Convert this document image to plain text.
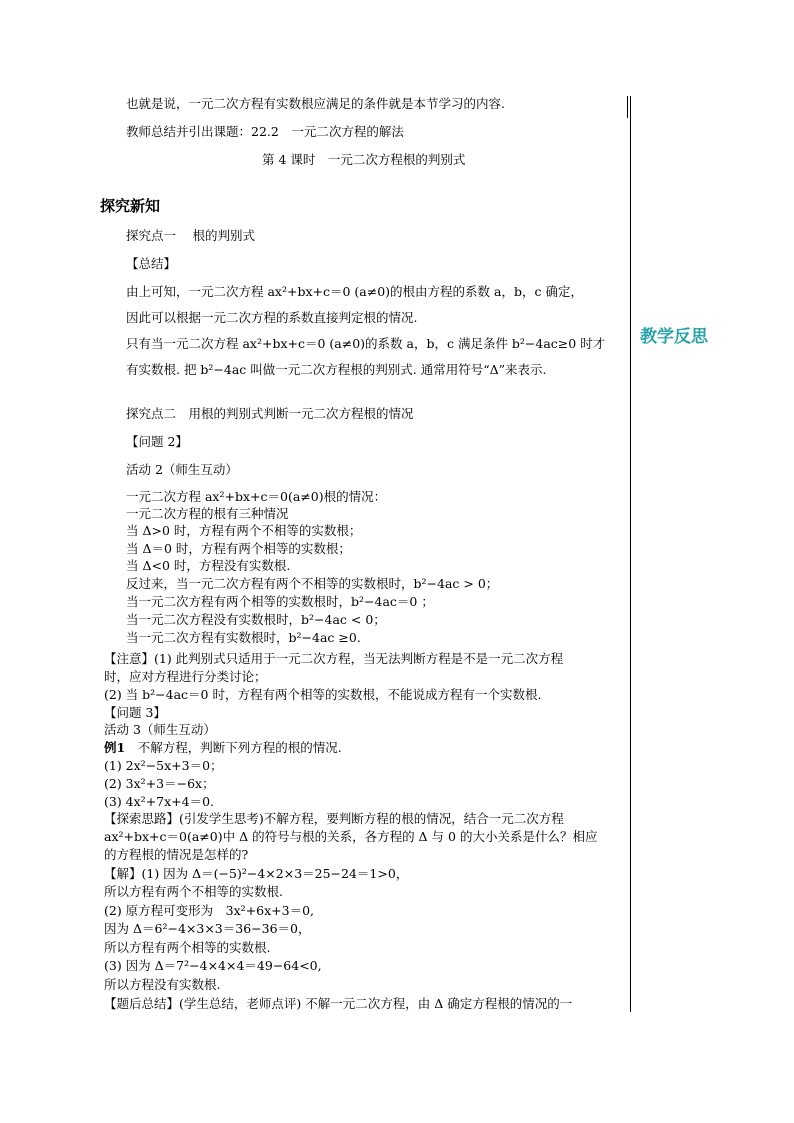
教学反思
也就是说，一元二次方程有实数根应满足的条件就是本节学习的内容.
教师总结并引出课题：22.2　一元二次方程的解法
第 4 课时　一元二次方程根的判别式
探究新知
探究点一　 根的判别式
【总结】
由上可知，一元二次方程 ax²+bx+c＝0 (a≠0)的根由方程的系数 a，b，c 确定，
因此可以根据一元二次方程的系数直接判定根的情况.
只有当一元二次方程 ax²+bx+c＝0 (a≠0)的系数 a，b，c 满足条件 b²−4ac≥0 时才
有实数根. 把 b²−4ac 叫做一元二次方程根的判别式. 通常用符号“Δ”来表示.
探究点二　用根的判别式判断一元二次方程根的情况
【问题 2】
活动 2（师生互动）
一元二次方程 ax²+bx+c＝0(a≠0)根的情况：
一元二次方程的根有三种情况
当 Δ>0 时，方程有两个不相等的实数根；
当 Δ＝0 时，方程有两个相等的实数根；
当 Δ<0 时，方程没有实数根.
反过来，当一元二次方程有两个不相等的实数根时，b²−4ac > 0；
当一元二次方程有两个相等的实数根时，b²−4ac＝0 ；
当一元二次方程没有实数根时，b²−4ac < 0；
当一元二次方程有实数根时，b²−4ac ≥0.
【注意】(1) 此判别式只适用于一元二次方程，当无法判断方程是不是一元二次方程
时，应对方程进行分类讨论；
(2) 当 b²−4ac＝0 时，方程有两个相等的实数根，不能说成方程有一个实数根.
【问题 3】
活动 3（师生互动）
例1　不解方程，判断下列方程的根的情况.
(1) 2x²−5x+3＝0；
(2) 3x²+3＝−6x；
(3) 4x²+7x+4＝0.
【探索思路】(引发学生思考)不解方程，要判断方程的根的情况，结合一元二次方程
ax²+bx+c＝0(a≠0)中 Δ 的符号与根的关系，各方程的 Δ 与 0 的大小关系是什么？相应
的方程根的情况是怎样的?
【解】(1) 因为 Δ＝(−5)²−4×2×3＝25−24＝1>0，
所以方程有两个不相等的实数根.
(2) 原方程可变形为　3x²+6x+3＝0,
因为 Δ＝6²−4×3×3＝36−36＝0，
所以方程有两个相等的实数根.
(3) 因为 Δ＝7²−4×4×4＝49−64<0,
所以方程没有实数根.
【题后总结】(学生总结，老师点评) 不解一元二次方程，由 Δ 确定方程根的情况的一
